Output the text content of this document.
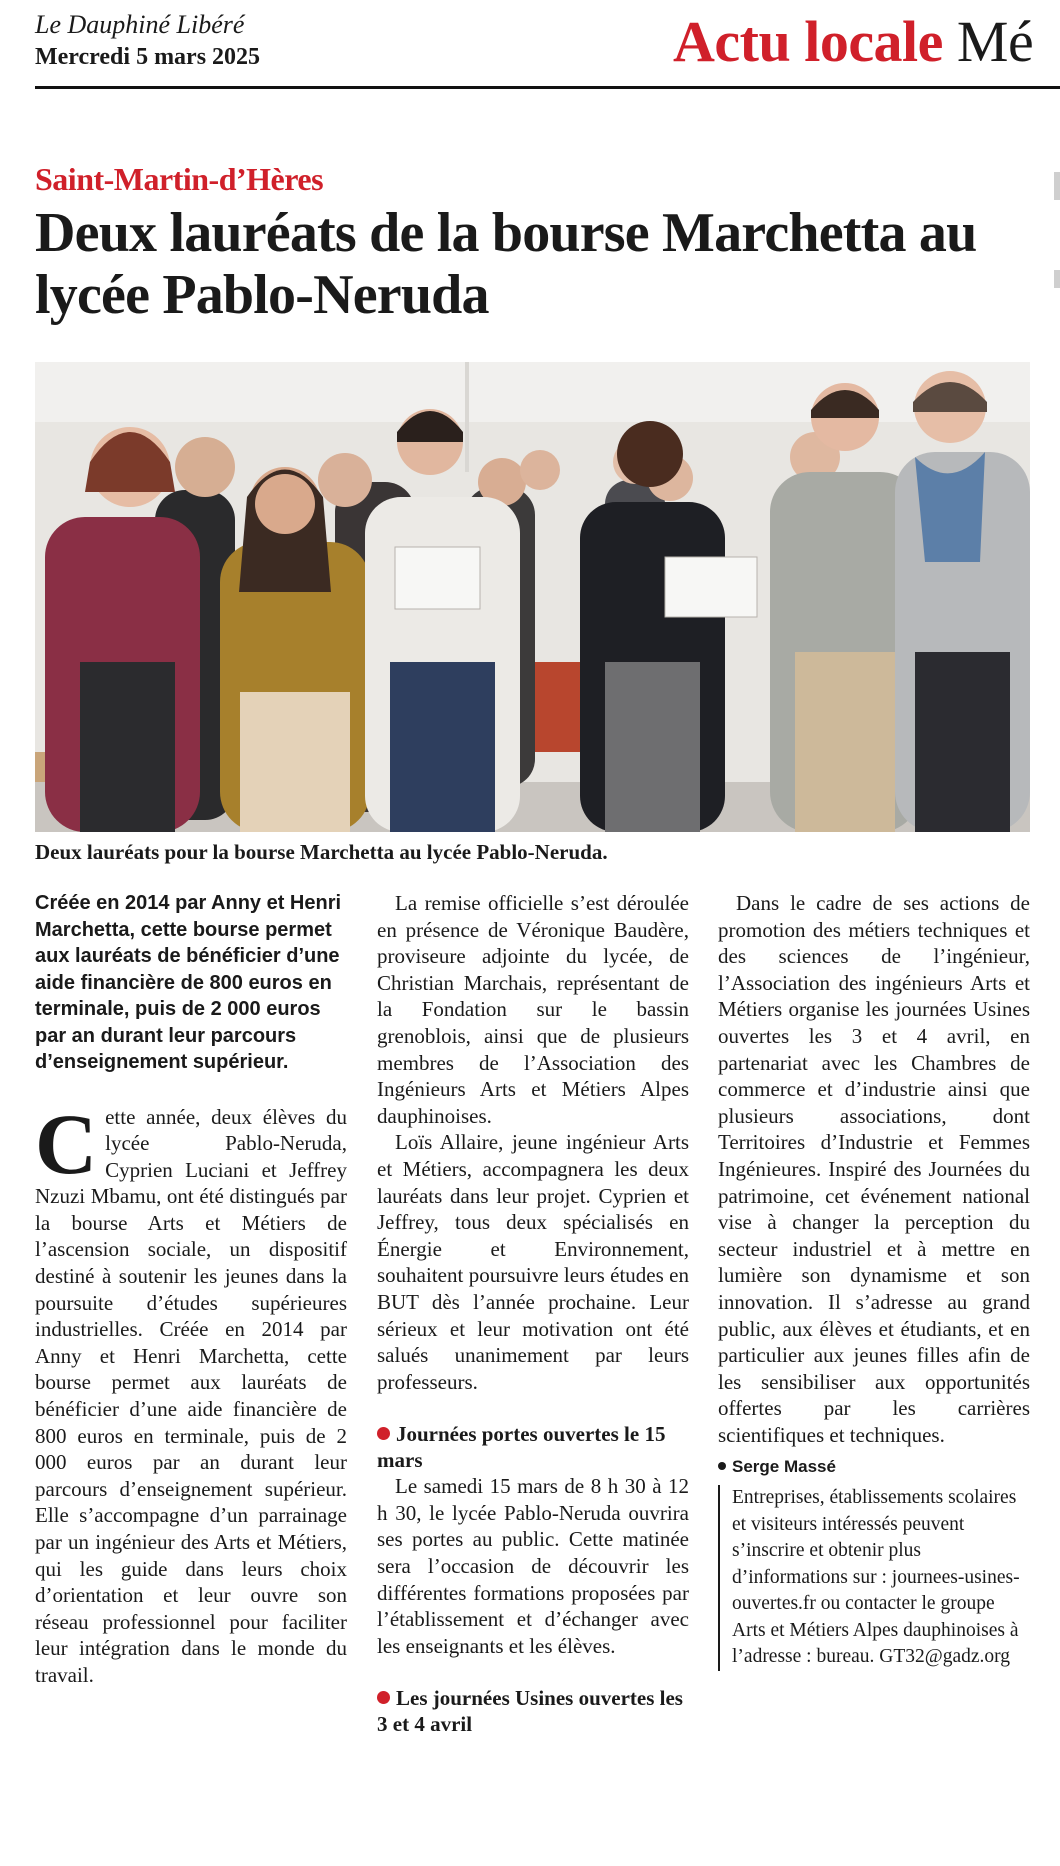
Le Dauphiné Libéré
Mercredi 5 mars 2025	Actu locale Mé
Saint-Martin-d’Hères
Deux lauréats de la bourse Marchetta au lycée Pablo-Neruda
Deux lauréats pour la bourse Marchetta au lycée Pablo-Neruda.

Créée en 2014 par Anny et Henri Marchetta, cette bourse permet aux lauréats de bénéficier d’une aide financière de 800 euros en terminale, puis de 2 000 euros par an durant leur parcours d’enseignement supérieur.

Cette année, deux élèves du lycée Pablo-Neruda, Cyprien Luciani et Jeffrey Nzuzi Mbamu, ont été distingués par la bourse Arts et Métiers de l’ascension sociale, un dispositif destiné à soutenir les jeunes dans la poursuite d’études supérieures industrielles. Créée en 2014 par Anny et Henri Marchetta, cette bourse permet aux lauréats de bénéficier d’une aide financière de 800 euros en terminale, puis de 2 000 euros par an durant leur parcours d’enseignement supérieur. Elle s’accompagne d’un parrainage par un ingénieur des Arts et Métiers, qui les guide dans leurs choix d’orientation et leur ouvre son réseau professionnel pour faciliter leur intégration dans le monde du travail.

La remise officielle s’est déroulée en présence de Véronique Baudère, proviseure adjointe du lycée, de Christian Marchais, représentant de la Fondation sur le bassin grenoblois, ainsi que de plusieurs membres de l’Association des Ingénieurs Arts et Métiers Alpes dauphinoises.

Loïs Allaire, jeune ingénieur Arts et Métiers, accompagnera les deux lauréats dans leur projet. Cyprien et Jeffrey, tous deux spécialisés en Énergie et Environnement, souhaitent poursuivre leurs études en BUT dès l’année prochaine. Leur sérieux et leur motivation ont été salués unanimement par leurs professeurs.

Journées portes ouvertes le 15 mars

Le samedi 15 mars de 8 h 30 à 12 h 30, le lycée Pablo-Neruda ouvrira ses portes au public. Cette matinée sera l’occasion de découvrir les différentes formations proposées par l’établissement et d’échanger avec les enseignants et les élèves.

Les journées Usines ouvertes les 3 et 4 avril

Dans le cadre de ses actions de promotion des métiers techniques et des sciences de l’ingénieur, l’Association des ingénieurs Arts et Métiers organise les journées Usines ouvertes les 3 et 4 avril, en partenariat avec les Chambres de commerce et d’industrie ainsi que plusieurs associations, dont Territoires d’Industrie et Femmes Ingénieures. Inspiré des Journées du patrimoine, cet événement national vise à changer la perception du secteur industriel et à mettre en lumière son dynamisme et son innovation. Il s’adresse au grand public, aux élèves et étudiants, et en particulier aux jeunes filles afin de les sensibiliser aux opportunités offertes par les carrières scientifiques et techniques.

Serge Massé

Entreprises, établissements scolaires et visiteurs intéressés peuvent s’inscrire et obtenir plus d’informations sur : journees-usines-ouvertes.fr ou contacter le groupe Arts et Métiers Alpes dauphinoises à l’adresse : bureau. GT32@gadz.org
